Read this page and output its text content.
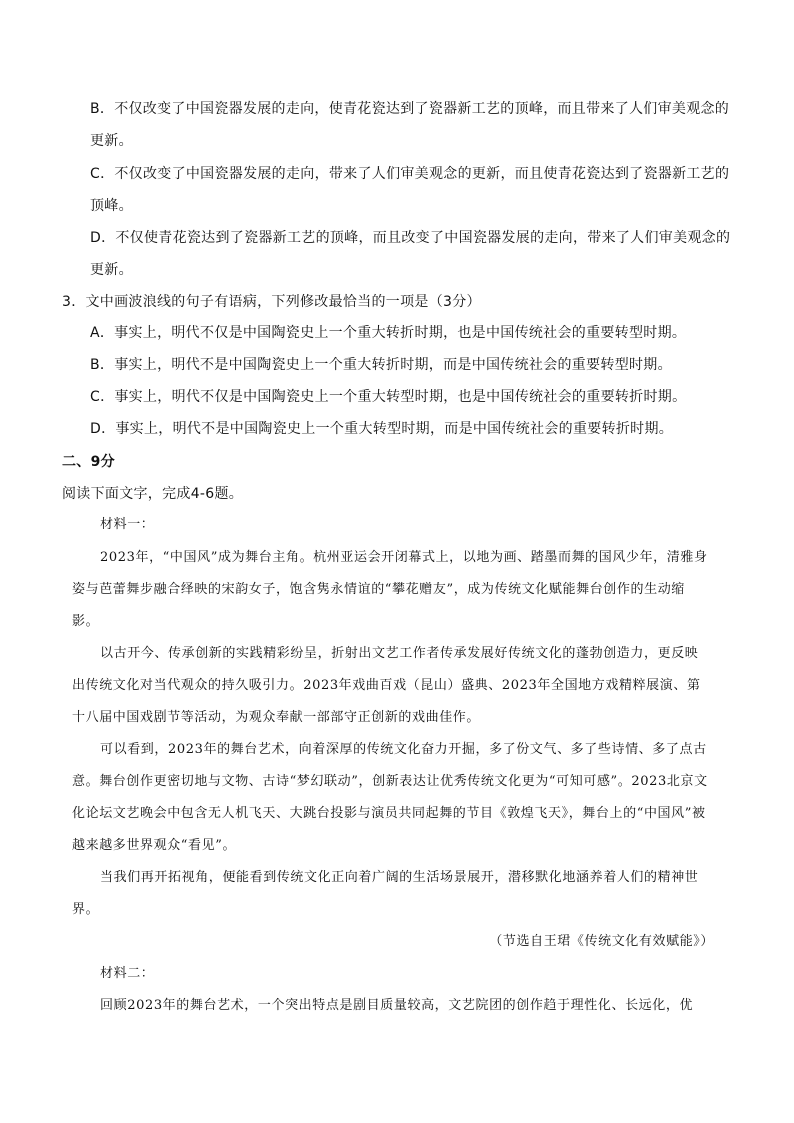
B．不仅改变了中国瓷器发展的走向，使青花瓷达到了瓷器新工艺的顶峰，而且带来了人们审美观念的
更新。
C．不仅改变了中国瓷器发展的走向，带来了人们审美观念的更新，而且使青花瓷达到了瓷器新工艺的
顶峰。
D．不仅使青花瓷达到了瓷器新工艺的顶峰，而且改变了中国瓷器发展的走向，带来了人们审美观念的
更新。
3．文中画波浪线的句子有语病，下列修改最恰当的一项是（3分）
A．事实上，明代不仅是中国陶瓷史上一个重大转折时期，也是中国传统社会的重要转型时期。
B．事实上，明代不是中国陶瓷史上一个重大转折时期，而是中国传统社会的重要转型时期。
C．事实上，明代不仅是中国陶瓷史上一个重大转型时期，也是中国传统社会的重要转折时期。
D．事实上，明代不是中国陶瓷史上一个重大转型时期，而是中国传统社会的重要转折时期。
二、9分
阅读下面文字，完成4-6题。
材料一：
2023年，“中国风”成为舞台主角。杭州亚运会开闭幕式上，以地为画、踏墨而舞的国风少年，清雅身
姿与芭蕾舞步融合绎映的宋韵女子，饱含隽永情谊的“攀花赠友”，成为传统文化赋能舞台创作的生动缩
影。
以古开今、传承创新的实践精彩纷呈，折射出文艺工作者传承发展好传统文化的蓬勃创造力，更反映
出传统文化对当代观众的持久吸引力。2023年戏曲百戏（昆山）盛典、2023年全国地方戏精粹展演、第
十八届中国戏剧节等活动，为观众奉献一部部守正创新的戏曲佳作。
可以看到，2023年的舞台艺术，向着深厚的传统文化奋力开掘，多了份文气、多了些诗情、多了点古
意。舞台创作更密切地与文物、古诗“梦幻联动”，创新表达让优秀传统文化更为“可知可感”。2023北京文
化论坛文艺晚会中包含无人机飞天、大跳台投影与演员共同起舞的节目《敦煌飞天》，舞台上的“中国风”被
越来越多世界观众“看见”。
当我们再开拓视角，便能看到传统文化正向着广阔的生活场景展开，潜移默化地涵养着人们的精神世
界。
（节选自王珺《传统文化有效赋能》）
材料二：
回顾2023年的舞台艺术，一个突出特点是剧目质量较高，文艺院团的创作趋于理性化、长远化，优
